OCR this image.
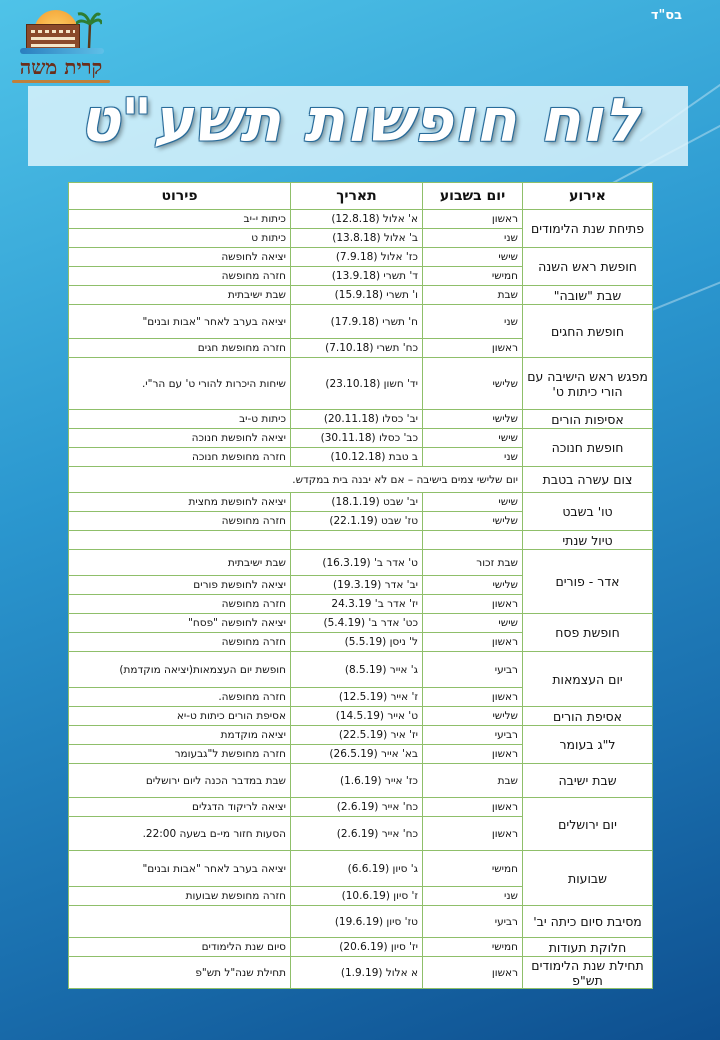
בס"ד
קרית משה
לוח חופשות תשע"ט
אירוע	יום בשבוע	תאריך	פירוט
פתיחת שנת הלימודים	ראשון	א' אלול (12.8.18)	כיתות י-יב
	שני	ב' אלול (13.8.18)	כיתות ט
חופשת ראש השנה	שישי	כז' אלול (7.9.18)	יציאה לחופשה
	חמישי	ד' תשרי (13.9.18)	חזרה מחופשה
שבת "שובה"	שבת	ו' תשרי (15.9.18)	שבת ישיבתית
חופשת החגים	שני	ח' תשרי (17.9.18)	יציאה בערב לאחר "אבות ובנים"
	ראשון	כח' תשרי (7.10.18)	חזרה מחופשת חגים
מפגש ראש הישיבה עם הורי כיתות ט'	שלישי	יד' חשון (23.10.18)	שיחות היכרות להורי ט' עם הר"י.
אסיפות הורים	שלישי	יב' כסלו (20.11.18)	כיתות ט-יב
חופשת חנוכה	שישי	כב' כסלו (30.11.18)	יציאה לחופשת חנוכה
	שני	ב טבת (10.12.18)	חזרה מחופשת חנוכה
צום עשרה בטבת	יום שלישי צמים בישיבה – אם לא יבנה בית במקדש.		
טו' בשבט	שישי	יב' שבט (18.1.19)	יציאה לחופשת מחצית
	שלישי	טז' שבט (22.1.19)	חזרה מחופשה
טיול שנתי			
אדר - פורים	שבת זכור	ט' אדר ב' (16.3.19)	שבת ישיבתית
	שלישי	יב' אדר (19.3.19)	יציאה לחופשת פורים
	ראשון	יז' אדר ב' 24.3.19	חזרה מחופשה
חופשת פסח	שישי	כט' אדר ב' (5.4.19)	יציאה לחופשה "פסח"
	ראשון	ל' ניסן (5.5.19)	חזרה מחופשה
יום העצמאות	רביעי	ג' אייר (8.5.19)	חופשת יום העצמאות(יציאה מוקדמת)
	ראשון	ז' אייר (12.5.19)	חזרה מחופשה.
אסיפת הורים	שלישי	ט' אייר (14.5.19)	אסיפת הורים כיתות ט-יא
ל"ג בעומר	רביעי	יז' איר (22.5.19)	יציאה מוקדמת
	ראשון	בא' אייר (26.5.19)	חזרה מחופשת ל"גבעומר
שבת ישיבה	שבת	כז' אייר (1.6.19)	שבת במדבר הכנה ליום ירושלים
יום ירושלים	ראשון	כח' אייר (2.6.19)	יציאה לריקוד הדגלים
	ראשון	כח' אייר (2.6.19)	הסעות חזור מי-ם בשעה 22:00.
שבועות	חמישי	ג' סיון (6.6.19)	יציאה בערב לאחר "אבות ובנים"
	שני	ז' סיון (10.6.19)	חזרה מחופשת שבועות
מסיבת סיום כיתה יב'	רביעי	טז' סיון (19.6.19)	
חלוקת תעודות	חמישי	יז' סיון (20.6.19)	סיום שנת הלימודים
תחילת שנת הלימודים תש"פ	ראשון	א אלול (1.9.19)	תחילת שנה"ל תש"פ
